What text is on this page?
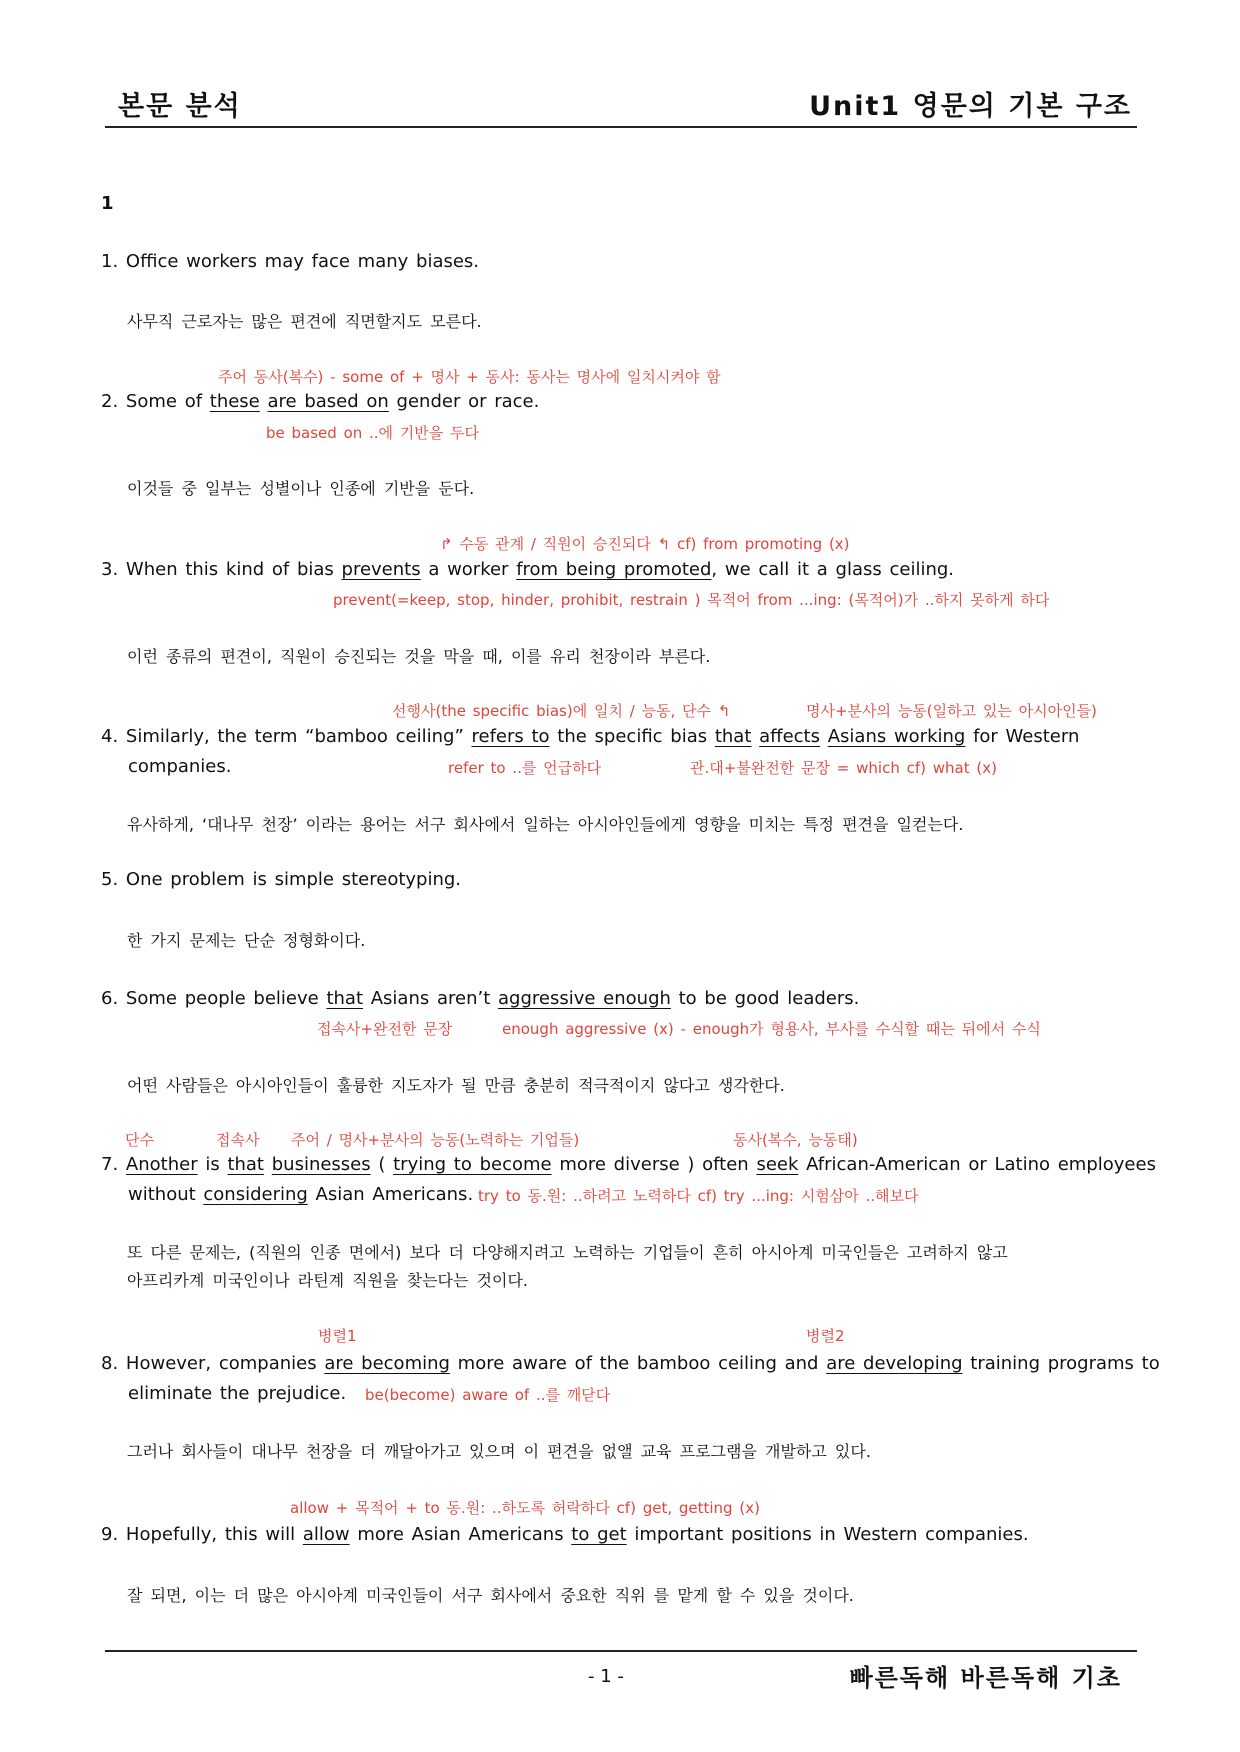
본문 분석	Unit1 영문의 기본 구조
1
1. Office workers may face many biases.
사무직 근로자는 많은 편견에 직면할지도 모른다.
주어 동사(복수) - some of + 명사 + 동사: 동사는 명사에 일치시켜야 함
2. Some of these are based on gender or race.
be based on ..에 기반을 두다
이것들 중 일부는 성별이나 인종에 기반을 둔다.
↱ 수동 관계 / 직원이 승진되다 ↰ cf) from promoting (x)
3. When this kind of bias prevents a worker from being promoted, we call it a glass ceiling.
prevent(=keep, stop, hinder, prohibit, restrain ) 목적어 from ...ing: (목적어)가 ..하지 못하게 하다
이런 종류의 편견이, 직원이 승진되는 것을 막을 때, 이를 유리 천장이라 부른다.
선행사(the specific bias)에 일치 / 능동, 단수 ↰	명사+분사의 능동(일하고 있는 아시아인들)
4. Similarly, the term “bamboo ceiling” refers to the specific bias that affects Asians working for Western
companies.	refer to ..를 언급하다	관.대+불완전한 문장 = which cf) what (x)
유사하게, ‘대나무 천장’ 이라는 용어는 서구 회사에서 일하는 아시아인들에게 영향을 미치는 특정 편견을 일컫는다.
5. One problem is simple stereotyping.
한 가지 문제는 단순 정형화이다.
6. Some people believe that Asians aren’t aggressive enough to be good leaders.
접속사+완전한 문장	enough aggressive (x) - enough가 형용사, 부사를 수식할 때는 뒤에서 수식
어떤 사람들은 아시아인들이 훌륭한 지도자가 될 만큼 충분히 적극적이지 않다고 생각한다.
단수	접속사 주어 / 명사+분사의 능동(노력하는 기업들)	동사(복수, 능동태)
7. Another is that businesses ( trying to become more diverse ) often seek African-American or Latino employees
without considering Asian Americans. try to 동.원: ..하려고 노력하다 cf) try ...ing: 시험삼아 ..해보다
또 다른 문제는, (직원의 인종 면에서) 보다 더 다양해지려고 노력하는 기업들이 흔히 아시아계 미국인들은 고려하지 않고
아프리카계 미국인이나 라틴계 직원을 찾는다는 것이다.
병렬1	병렬2
8. However, companies are becoming more aware of the bamboo ceiling and are developing training programs to
eliminate the prejudice. be(become) aware of ..를 깨닫다
그러나 회사들이 대나무 천장을 더 깨달아가고 있으며 이 편견을 없앨 교육 프로그램을 개발하고 있다.
allow + 목적어 + to 동.원: ..하도록 허락하다 cf) get, getting (x)
9. Hopefully, this will allow more Asian Americans to get important positions in Western companies.
잘 되면, 이는 더 많은 아시아계 미국인들이 서구 회사에서 중요한 직위 를 맡게 할 수 있을 것이다.
- 1 -	빠른독해 바른독해 기초
